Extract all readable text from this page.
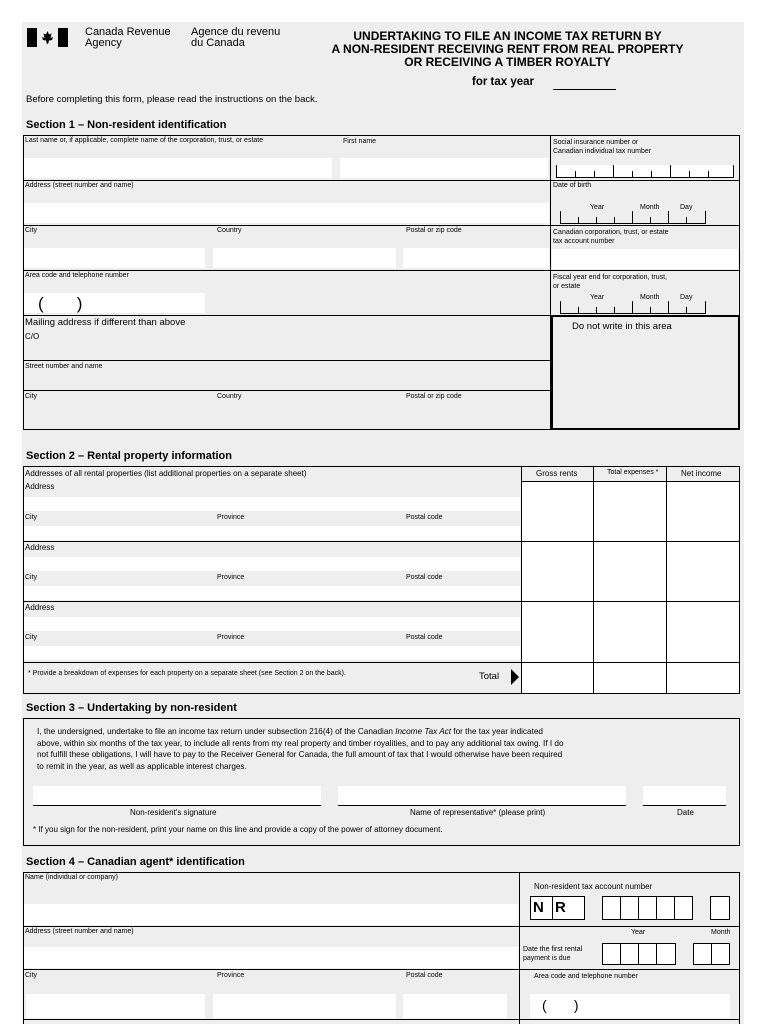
Canada Revenue
Agency
Agence du revenu
du Canada	UNDERTAKING TO FILE AN INCOME TAX RETURN BY
A NON-RESIDENT RECEIVING RENT FROM REAL PROPERTY
OR RECEIVING A TIMBER ROYALTY
for tax year
Before completing this form, please read the instructions on the back.
Section 1 – Non-resident identification
Last name or, if applicable, complete name of the corporation, trust, or estate	First name	Social insurance number or
Canadian individual tax number
Address (street number and name)	Date of birth
Year	Month	Day
City	Country	Postal or zip code	Canadian corporation, trust, or estate
tax account number
Area code and telephone number
(       )
Fiscal year end for corporation, trust,
or estate
Year	Month	Day
Mailing address if different than above
C/O
Do not write in this area
Street number and name
City	Country	Postal or zip code
Section 2 – Rental property information
Addresses of all rental properties (list additional properties on a separate sheet)	Gross rents	Total expenses *	Net income
Address
City	Province	Postal code
Address
City	Province	Postal code
Address
City	Province	Postal code
* Provide a breakdown of expenses for each property on a separate sheet (see Section 2 on the back).	Total
Section 3 – Undertaking by non-resident
I, the undersigned, undertake to file an income tax return under subsection 216(4) of the Canadian Income Tax Act for the tax year indicated
above, within six months of the tax year, to include all rents from my real property and timber royalities, and to pay any additional tax owing. If I do
not fulfill these obligations, I will have to pay to the Receiver General for Canada, the full amount of tax that I would otherwise have been required
to remit in the year, as well as applicable interest charges.
Non-resident's signature	Name of representative* (please print)	Date
* If you sign for the non-resident, print your name on this line and provide a copy of the power of attorney document.
Section 4 – Canadian agent* identification
Name (individual or company)
Non-resident tax account number
N R
Address (street number and name)	Year	Month
Date the first rental
payment is due
City	Province	Postal code	Area code and telephone number
(       )
